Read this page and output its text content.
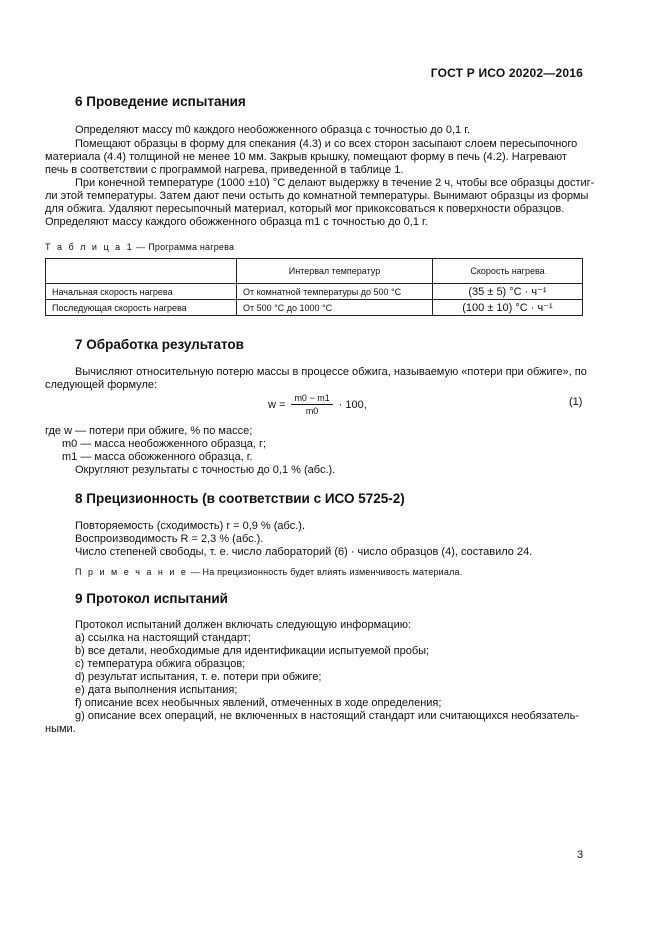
ГОСТ Р ИСО 20202—2016
6 Проведение испытания
Определяют массу m0 каждого необожженного образца с точностью до 0,1 г.
Помещают образцы в форму для спекания (4.3) и со всех сторон засыпают слоем пересыпочного
материала (4.4) толщиной не менее 10 мм. Закрыв крышку, помещают форму в печь (4.2). Нагревают
печь в соответствии с программой нагрева, приведенной в таблице 1.
При конечной температуре (1000 ±10) °С делают выдержку в течение 2 ч, чтобы все образцы достиг-
ли этой температуры. Затем дают печи остыть до комнатной температуры. Вынимают образцы из формы
для обжига. Удаляют пересыпочный материал, который мог прикоксоваться к поверхности образцов.
Определяют массу каждого обожженного образца m1 с точностью до 0,1 г.
Т а б л и ц а 1 — Программа нагрева
	Интервал температур	Скорость нагрева
Начальная скорость нагрева	От комнатной температуры до 500 °С	(35 ± 5) °С · ч⁻¹
Последующая скорость нагрева	От 500 °С до 1000 °С	(100 ± 10) °С · ч⁻¹
7 Обработка результатов
Вычисляют относительную потерю массы в процессе обжига, называемую «потери при обжиге», по
следующей формуле:
$w = \frac{m0 - m1}{m0} \cdot 100$,	(1)
где w — потери при обжиге, % по массе;
m0 — масса необожженного образца, г;
m1 — масса обожженного образца, г.
Округляют результаты с точностью до 0,1 % (абс.).
8 Прецизионность (в соответствии с ИСО 5725-2)
Повторяемость (сходимость) r = 0,9 % (абс.).
Воспроизводимость R = 2,3 % (абс.).
Число степеней свободы, т. е. число лабораторий (6) · число образцов (4), составило 24.
П р и м е ч а н и е — На прецизионность будет влиять изменчивость материала.
9 Протокол испытаний
Протокол испытаний должен включать следующую информацию:
a) ссылка на настоящий стандарт;
b) все детали, необходимые для идентификации испытуемой пробы;
c) температура обжига образцов;
d) результат испытания, т. е. потери при обжиге;
e) дата выполнения испытания;
f) описание всех необычных явлений, отмеченных в ходе определения;
g) описание всех операций, не включенных в настоящий стандарт или считающихся необязатель-
ными.
3
